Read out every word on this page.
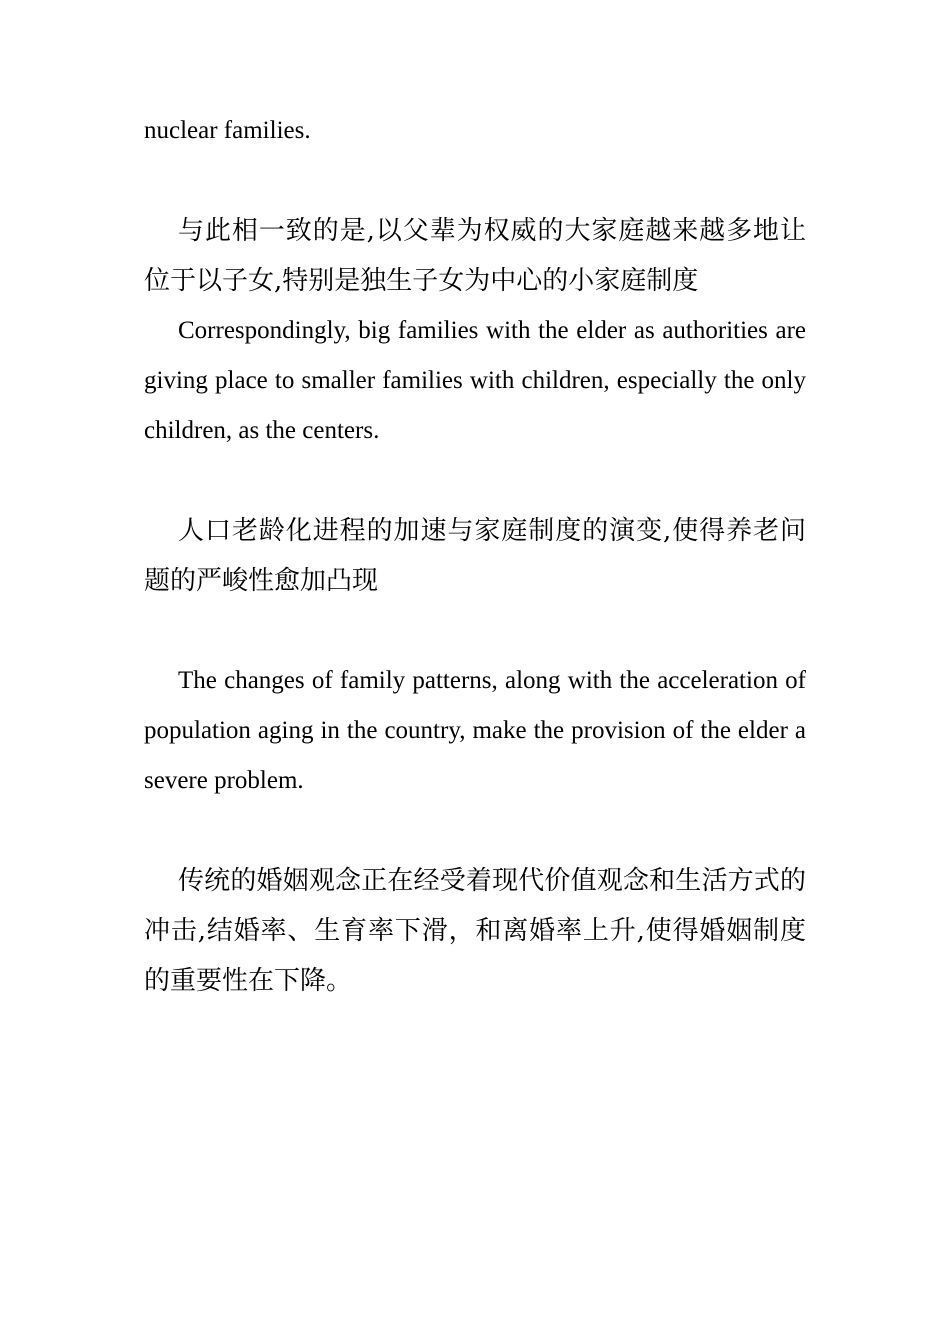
nuclear families.

与此相一致的是,以父辈为权威的大家庭越来越多地让位于以子女,特别是独生子女为中心的小家庭制度

Correspondingly, big families with the elder as authorities are giving place to smaller families with children, especially the only children, as the centers.

人口老龄化进程的加速与家庭制度的演变,使得养老问题的严峻性愈加凸现

The changes of family patterns, along with the acceleration of population aging in the country, make the provision of the elder a severe problem.

传统的婚姻观念正在经受着现代价值观念和生活方式的冲击,结婚率、生育率下滑，和离婚率上升,使得婚姻制度的重要性在下降。
